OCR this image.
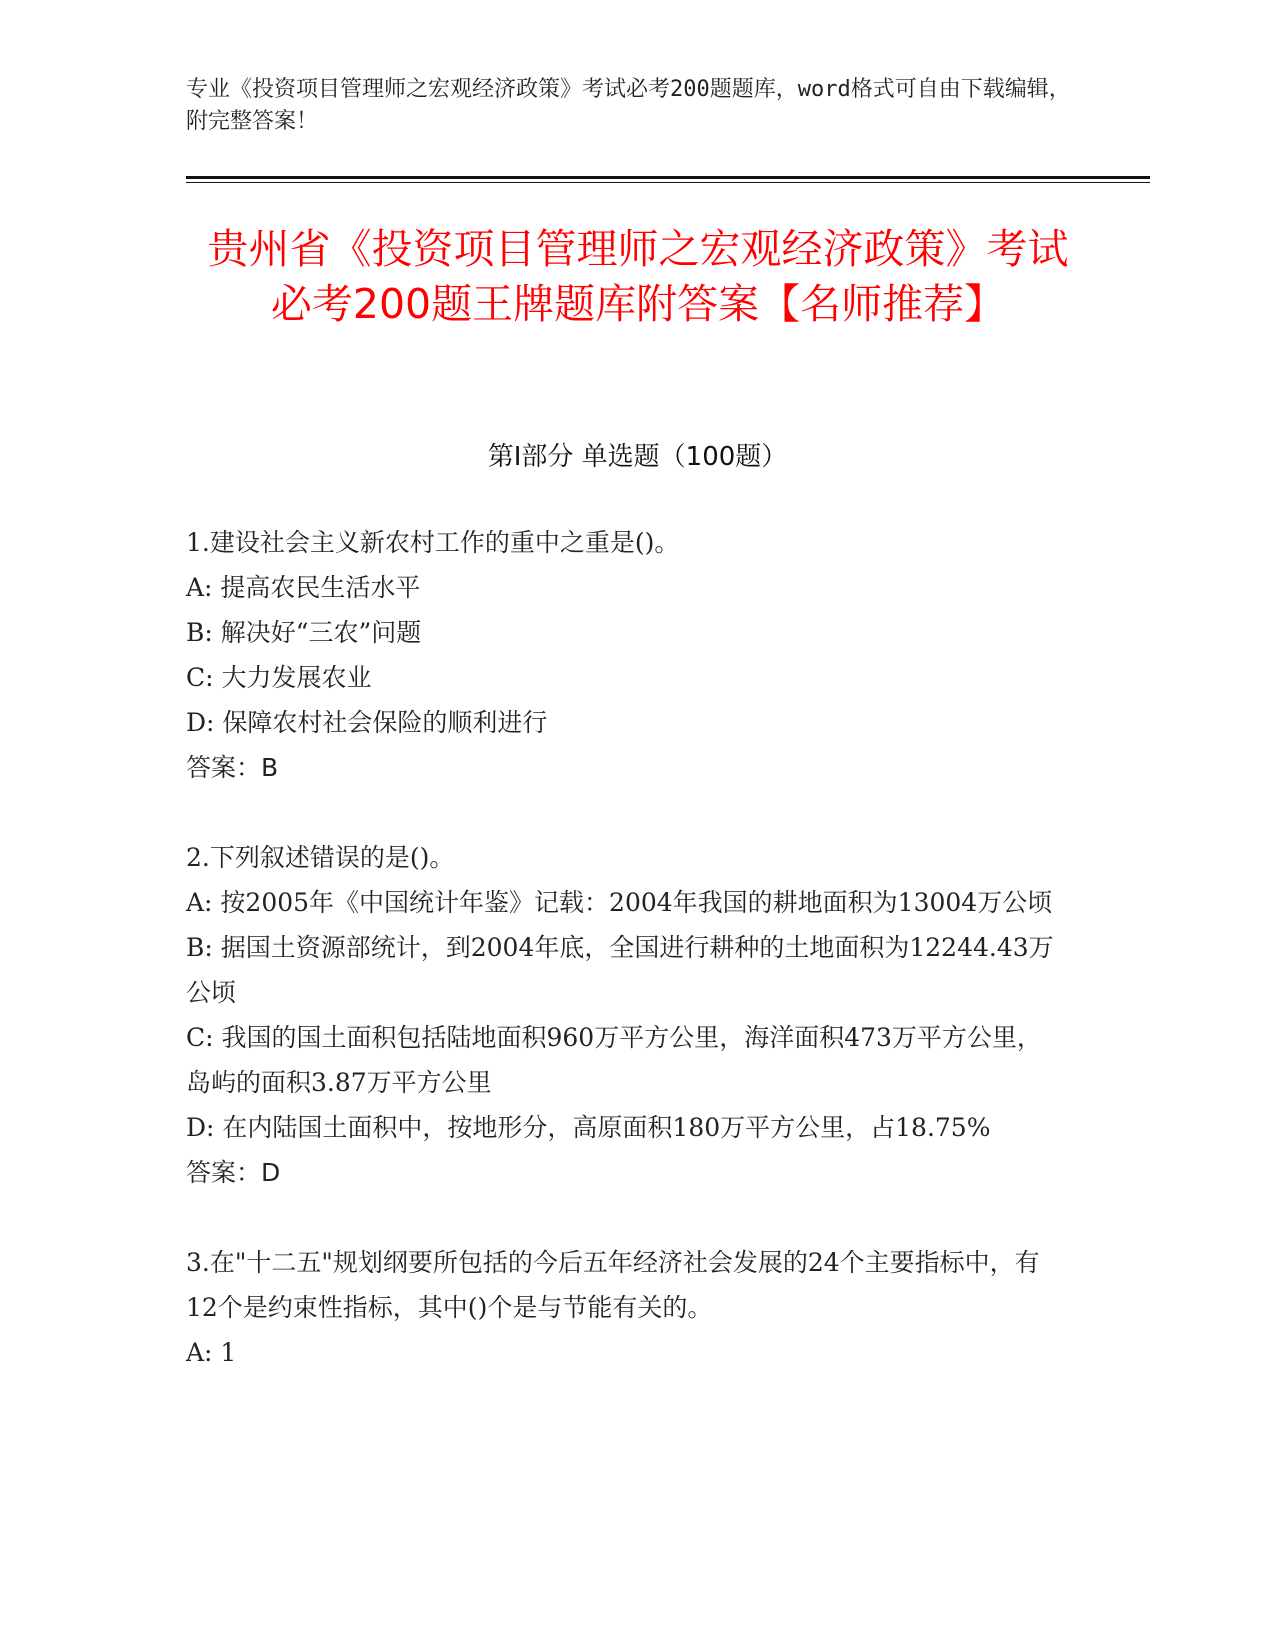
专业《投资项目管理师之宏观经济政策》考试必考200题题库，word格式可自由下载编辑，附完整答案！
贵州省《投资项目管理师之宏观经济政策》考试必考200题王牌题库附答案【名师推荐】
第I部分 单选题（100题）

1.建设社会主义新农村工作的重中之重是()。

A: 提高农民生活水平

B: 解决好“三农”问题

C: 大力发展农业

D: 保障农村社会保险的顺利进行

答案：B

2.下列叙述错误的是()。

A: 按2005年《中国统计年鉴》记载：2004年我国的耕地面积为13004万公顷

B: 据国土资源部统计，到2004年底，全国进行耕种的土地面积为12244.43万公顷

C: 我国的国土面积包括陆地面积960万平方公里，海洋面积473万平方公里，岛屿的面积3.87万平方公里

D: 在内陆国土面积中，按地形分，高原面积180万平方公里，占18.75%

答案：D

3.在"十二五"规划纲要所包括的今后五年经济社会发展的24个主要指标中，有12个是约束性指标，其中()个是与节能有关的。

A: 1
